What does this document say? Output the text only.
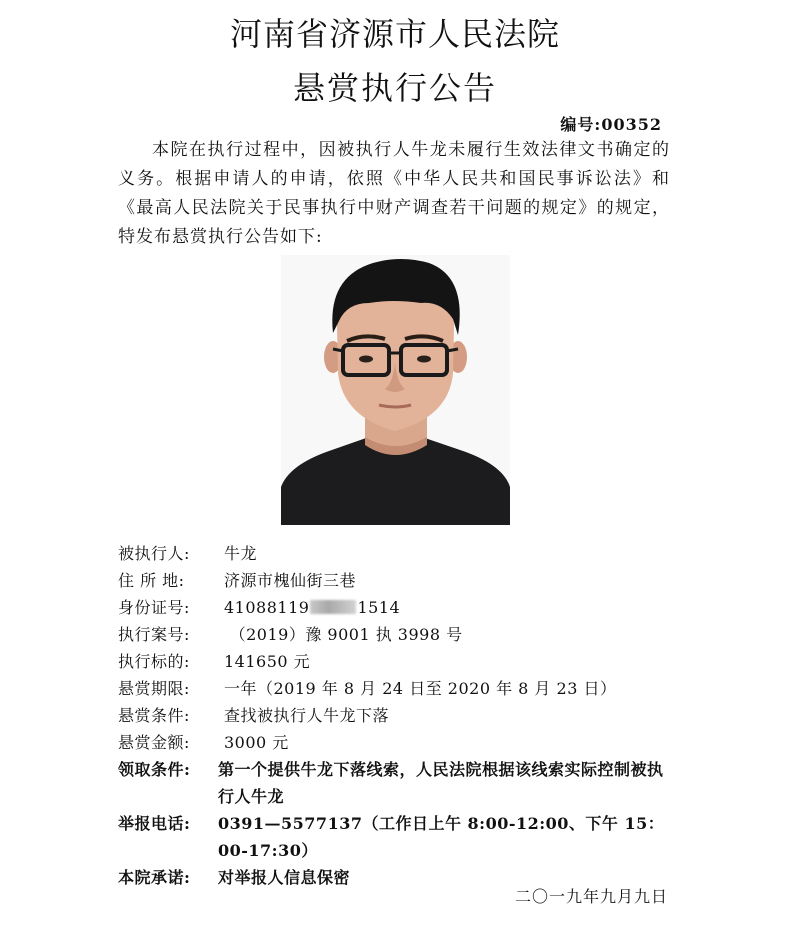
河南省济源市人民法院
悬赏执行公告
编号:00352
本院在执行过程中，因被执行人牛龙未履行生效法律文书确定的义务。根据申请人的申请，依照《中华人民共和国民事诉讼法》和《最高人民法院关于民事执行中财产调查若干问题的规定》的规定，特发布悬赏执行公告如下:
被执行人:	牛龙
住 所 地:	济源市槐仙街三巷
身份证号:	41088119	1514
执行案号:	（2019）豫 9001 执 3998 号
执行标的:	141650 元
悬赏期限:	一年（2019 年 8 月 24 日至 2020 年 8 月 23 日）
悬赏条件:	查找被执行人牛龙下落
悬赏金额:	3000 元
领取条件:	第一个提供牛龙下落线索，人民法院根据该线索实际控制被执行人牛龙
举报电话:	0391—5577137（工作日上午 8:00-12:00、下午 15：00-17:30）
本院承诺:	对举报人信息保密
二〇一九年九月九日
